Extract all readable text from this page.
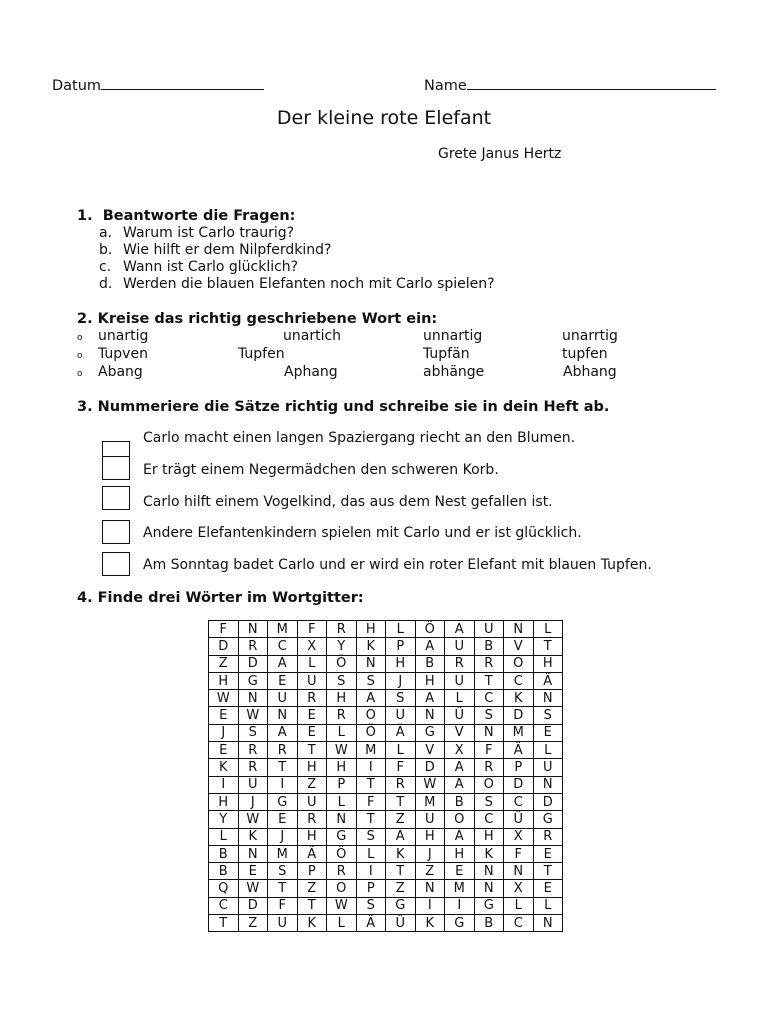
Datum	Name
Der kleine rote Elefant
Grete Janus Hertz
1. Beantworte die Fragen:
a. Warum ist Carlo traurig?
b. Wie hilft er dem Nilpferdkind?
c. Wann ist Carlo glücklich?
d. Werden die blauen Elefanten noch mit Carlo spielen?
2. Kreise das richtig geschriebene Wort ein:
o unartig	unartich	unnartig	unarrtig
o Tupven	Tupfen	Tupfän	tupfen
o Abang	Aphang	abhänge	Abhang
3. Nummeriere die Sätze richtig und schreibe sie in dein Heft ab.
Carlo macht einen langen Spaziergang riecht an den Blumen.
Er trägt einem Negermädchen den schweren Korb.
Carlo hilft einem Vogelkind, das aus dem Nest gefallen ist.
Andere Elefantenkindern spielen mit Carlo und er ist glücklich.
Am Sonntag badet Carlo und er wird ein roter Elefant mit blauen Tupfen.
4. Finde drei Wörter im Wortgitter:
F	N	M	F	R	H	L	Ö	A	U	N	L
D	R	C	X	Y	K	P	A	U	B	V	T
Z	D	A	L	Ö	N	H	B	R	R	O	H
H	G	E	U	S	S	J	H	U	T	C	Ä
W	N	U	R	H	A	S	A	L	C	K	N
E	W	N	E	R	O	U	N	Ü	S	D	S
J	S	A	E	L	Ö	Ä	G	V	N	M	E
E	R	R	T	W	M	L	V	X	F	Ä	L
K	R	T	H	H	I	F	D	A	R	P	U
I	U	I	Z	P	T	R	W	A	O	D	N
H	J	G	U	L	F	T	M	B	S	C	D
Y	W	E	R	N	T	Z	U	O	C	Ü	G
L	K	J	H	G	S	A	H	A	H	X	R
B	N	M	Ä	Ö	L	K	J	H	K	F	E
B	E	S	P	R	I	T	Z	E	N	N	T
Q	W	T	Z	O	P	Z	N	M	N	X	E
C	D	F	T	W	S	G	I	I	G	L	L
T	Z	U	K	L	Ä	Ü	K	G	B	C	N
